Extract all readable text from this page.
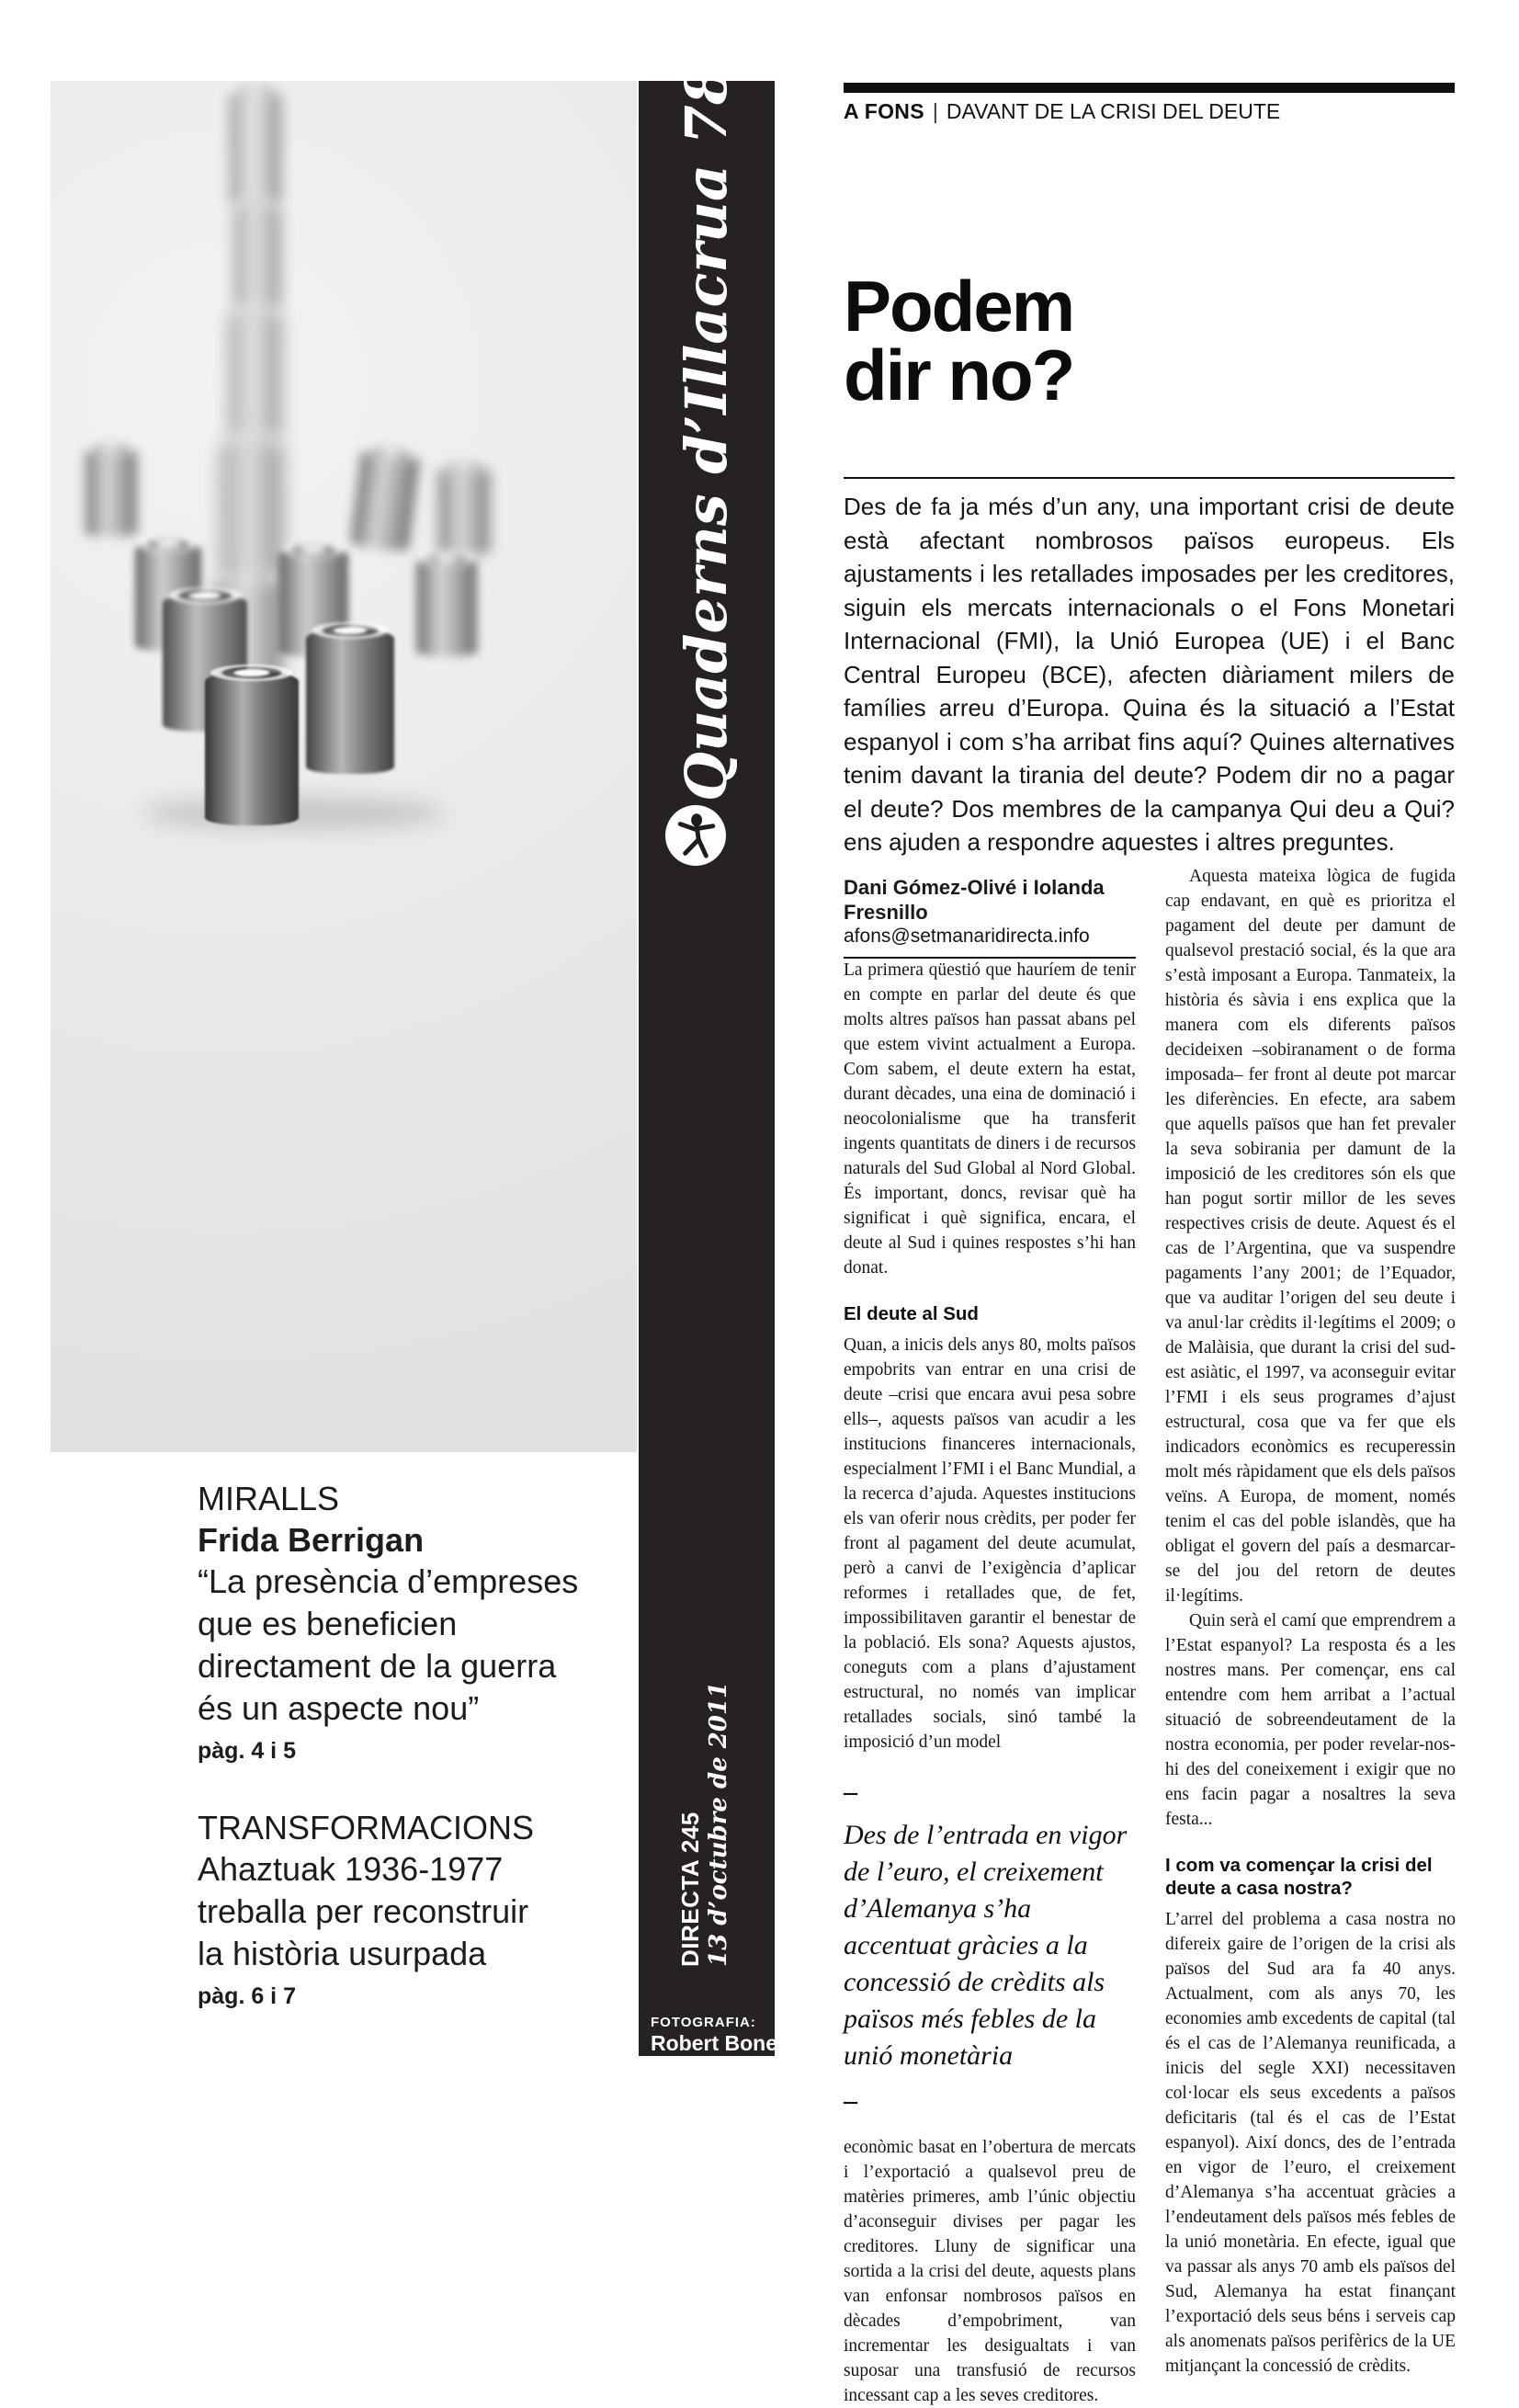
Quaderns d’Illacrua 78
DIRECTA 245 13 d’octubre de 2011
FOTOGRAFIA:
Robert Bonet
A FONS | DAVANT DE LA CRISI DEL DEUTE
Podem
dir no?
Des de fa ja més d’un any, una important crisi de deute està afectant nombrosos països europeus. Els ajustaments i les retallades imposades per les creditores, siguin els mercats internacionals o el Fons Monetari Internacional (FMI), la Unió Europea (UE) i el Banc Central Europeu (BCE), afecten diàriament milers de famílies arreu d’Europa. Quina és la situació a l’Estat espanyol i com s’ha arribat fins aquí? Quines alternatives tenim davant la tirania del deute? Podem dir no a pagar el deute? Dos membres de la campanya Qui deu a Qui? ens ajuden a respondre aquestes i altres preguntes.
Dani Gómez-Olivé i Iolanda Fresnillo
afons@setmanaridirecta.info

La primera qüestió que hauríem de tenir en compte en parlar del deute és que molts altres països han passat abans pel que estem vivint actualment a Europa. Com sabem, el deute extern ha estat, durant dècades, una eina de dominació i neocolonialisme que ha transferit ingents quantitats de diners i de recursos naturals del Sud Global al Nord Global. És important, doncs, revisar què ha significat i què significa, encara, el deute al Sud i quines respostes s’hi han donat.

El deute al Sud

Quan, a inicis dels anys 80, molts països empobrits van entrar en una crisi de deute –crisi que encara avui pesa sobre ells–, aquests països van acudir a les institucions financeres internacionals, especialment l’FMI i el Banc Mundial, a la recerca d’ajuda. Aquestes institucions els van oferir nous crèdits, per poder fer front al pagament del deute acumulat, però a canvi de l’exigència d’aplicar reformes i retallades que, de fet, impossibilitaven garantir el benestar de la població. Els sona? Aquests ajustos, coneguts com a plans d’ajustament estructural, no només van implicar retallades socials, sinó també la imposició d’un model

–
Des de l’entrada en vigor de l’euro, el creixement d’Alemanya s’ha accentuat gràcies a la concessió de crèdits als països més febles de la unió monetària
–

econòmic basat en l’obertura de mercats i l’exportació a qualsevol preu de matèries primeres, amb l’únic objectiu d’aconseguir divises per pagar les creditores. Lluny de significar una sortida a la crisi del deute, aquests plans van enfonsar nombrosos països en dècades d’empobriment, van incrementar les desigualtats i van suposar una transfusió de recursos incessant cap a les seves creditores.

Aquesta mateixa lògica de fugida cap endavant, en què es prioritza el pagament del deute per damunt de qualsevol prestació social, és la que ara s’està imposant a Europa. Tanmateix, la història és sàvia i ens explica que la manera com els diferents països decideixen –sobiranament o de forma imposada– fer front al deute pot marcar les diferències. En efecte, ara sabem que aquells països que han fet prevaler la seva sobirania per damunt de la imposició de les creditores són els que han pogut sortir millor de les seves respectives crisis de deute. Aquest és el cas de l’Argentina, que va suspendre pagaments l’any 2001; de l’Equador, que va auditar l’origen del seu deute i va anul·lar crèdits il·legítims el 2009; o de Malàisia, que durant la crisi del sud-est asiàtic, el 1997, va aconseguir evitar l’FMI i els seus programes d’ajust estructural, cosa que va fer que els indicadors econòmics es recuperessin molt més ràpidament que els dels països veïns. A Europa, de moment, només tenim el cas del poble islandès, que ha obligat el govern del país a desmarcar-se del jou del retorn de deutes il·legítims.

Quin serà el camí que emprendrem a l’Estat espanyol? La resposta és a les nostres mans. Per començar, ens cal entendre com hem arribat a l’actual situació de sobreendeutament de la nostra economia, per poder revelar-nos-hi des del coneixement i exigir que no ens facin pagar a nosaltres la seva festa...

I com va començar la crisi del deute a casa nostra?

L’arrel del problema a casa nostra no difereix gaire de l’origen de la crisi als països del Sud ara fa 40 anys. Actualment, com als anys 70, les economies amb excedents de capital (tal és el cas de l’Alemanya reunificada, a inicis del segle XXI) necessitaven col·locar els seus excedents a països deficitaris (tal és el cas de l’Estat espanyol). Així doncs, des de l’entrada en vigor de l’euro, el creixement d’Alemanya s’ha accentuat gràcies a l’endeutament dels països més febles de la unió monetària. En efecte, igual que va passar als anys 70 amb els països del Sud, Alemanya ha estat finançant l’exportació dels seus béns i serveis cap als anomenats països perifèrics de la UE mitjançant la concessió de crèdits.

MIRALLS
Frida Berrigan
“La presència d’empreses
que es beneficien
directament de la guerra
és un aspecte nou”
pàg. 4 i 5
TRANSFORMACIONS
Ahaztuak 1936-1977
treballa per reconstruir
la història usurpada
pàg. 6 i 7
